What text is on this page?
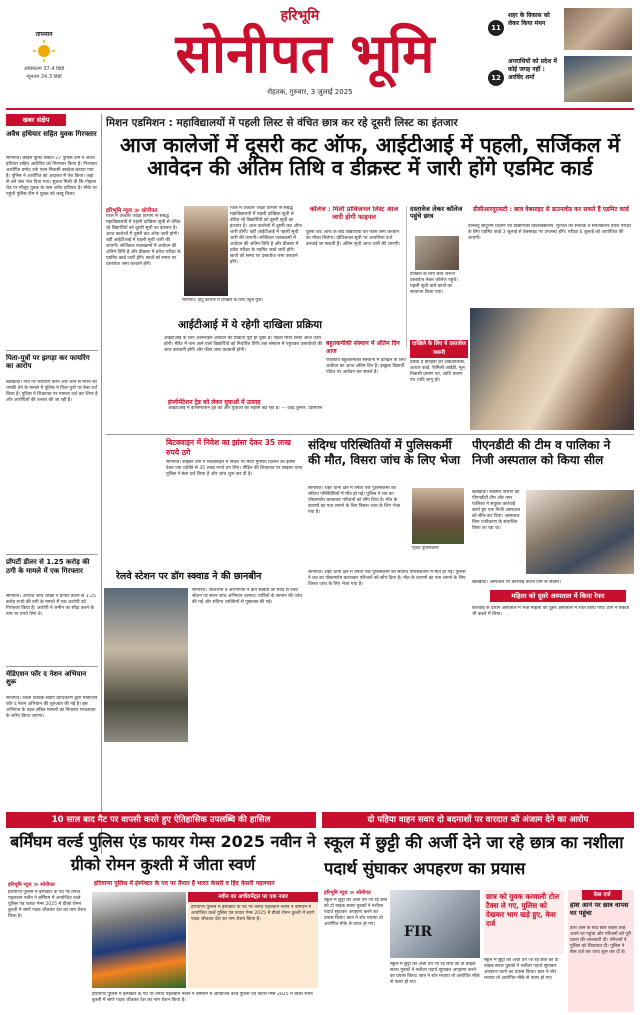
तापमान
अधिकतम 37.4 डिग्री
न्यूनतम 24.3 डिग्री
हरिभूमि
सोनीपत भूमि
रोहतक, गुरुवार, 3 जुलाई 2025
11
शहर के विकास को लेकर किया मंथन
12
अपराधियों को प्रदेश में कोई जगह नहीं : अरविंद शर्मा
खबर संक्षेप
अवैध हथियार सहित युवक गिरफ्तार
सोनीपत। क्राइम यूनिट सेक्टर-27 पुलिस टीम ने अवैध हथियार सहित आरोपित को गिरफ्तार किया है। गिरफ्तार आरोपित प्रमोद उर्फ पवन निवासी बसदेवा बताया गया है। पुलिस ने आरोपित को अदालत में पेश किया। जहां से उसे जेल भेज दिया गया। सुचना मिली थी कि गोहाना रोड पर मौजूद युवक के पास अवैध हथियार है। मौके पर पहुंची पुलिस टीम ने युवक को काबू किया।
पिता-पुत्रों पर झगड़ा कर फायरिंग का आरोप
खरखौदा। गांव पर फायरिंग करने और जान से मारने की धमकी देने के मामले में पुलिस ने पिता-पुत्रों पर केस दर्ज किया है। पुलिस ने शिकायत पर मामला दर्ज कर लिया है और आरोपितों की तलाश की जा रही है।
प्रॉपर्टी डीलर से 1.25 करोड़ की ठगी के मामले में एक गिरफ्तार
सोनीपत। अपराध जांच शाखा ने प्रॉपर्टी डीलर से 1.25 करोड़ रुपये की ठगी के मामले में एक आरोपी को गिरफ्तार किया है। आरोपी ने जमीन का सौदा करने के नाम पर रुपये लिए थे।
मेडिएशन फॉर द नेशन अभियान शुरू
सोनीपत। जिला विधिक सेवाएं प्राधिकरण द्वारा मेडिएशन फॉर द नेशन अभियान की शुरुआत की गई है। इस अभियान के तहत लंबित मामलों का निपटारा मध्यस्थता के जरिए किया जाएगा।
मिशन एडमिशन : महाविद्यालयों में पहली लिस्ट से वंचित छात्र कर रहे दूसरी लिस्ट का इंतजार
आज कालेजों में दूसरी कट ऑफ, आईटीआई में पहली, सर्जिकल में आवेदन की अंतिम तिथि व डीक्रस्ट में जारी होंगे एडमिट कार्ड
हरिभूमि न्यूज ≫ सोनीपत
जिले में उच्चतर शिक्षा विभाग से संबद्ध महाविद्यालयों में पहली दाखिला सूची से वंचित रहे विद्यार्थियों को दूसरी सूची का इंतजार है। आज कालेजों में दूसरी कट ऑफ जारी होगी। वहीं आईटीआई में पहली सूची जारी की जाएगी। सर्जिकल पाठ्यक्रमों में आवेदन की अंतिम तिथि है और डीक्रस्ट में प्रवेश परीक्षा के एडमिट कार्ड जारी होंगे। छात्रों को समय पर दस्तावेज जमा करवाने होंगे।
जिले में उच्चतर शिक्षा विभाग से संबद्ध महाविद्यालयों में पहली दाखिला सूची से वंचित रहे विद्यार्थियों को दूसरी सूची का इंतजार है। आज कालेजों में दूसरी कट ऑफ जारी होगी। वहीं आईटीआई में पहली सूची जारी की जाएगी। सर्जिकल पाठ्यक्रमों में आवेदन की अंतिम तिथि है और डीक्रस्ट में प्रवेश परीक्षा के एडमिट कार्ड जारी होंगे। छात्रों को समय पर दस्तावेज जमा करवाने होंगे।
सोनीपत। हिंदू कॉलेज में दाखिले के लिए पहुंचे युवा।
कॉलेज : मिली प्रोविजनल लिस्ट आज जारी होगी फाइनल
दूसरी कट ऑफ के बाद विद्यार्थियों को फीस जमा करवाने का मौका मिलेगा। प्रोविजनल सूची पर आपत्तियां दर्ज करवाई जा सकती हैं। अंतिम सूची आज जारी की जाएगी।
दस्तावेज लेकर कॉलेज पहुंचे छात्र
दाखिले के लिए छात्र जरूरी दस्तावेज लेकर कॉलेज पहुंचे। पहली सूची वाले छात्रों का सत्यापन किया गया।
डीसीआरयूएसटी : छात्र वेबसाइट से डाउनलोड कर सकते हैं एडमिट कार्ड
दीनबंधु छोटूराम विज्ञान एवं प्रौद्योगिकी विश्वविद्यालय, मुरथल की स्नातक व स्नातकोत्तर प्रवेश परीक्षा के लिए एडमिट कार्ड 3 जुलाई से वेबसाइट पर उपलब्ध होंगे। परीक्षा 6 जुलाई को आयोजित की जाएगी।
आईटीआई में ये रहेगी दाखिला प्रक्रिया
आईटीआई के लिए ऑनलाइन आवेदन की प्रक्रिया पूरी हो चुकी है। पहली मेरिट लिस्ट आज जारी होगी। मेरिट में नाम आने वाले विद्यार्थियों को निर्धारित तिथि तक संस्थान में पहुंचकर दस्तावेजों की जांच करवानी होगी और फीस जमा करवानी होगी।
इंप्लीमेंटेशन ट्रेड को लेकर युवाओं में उत्साह
आईटीआई में इंप्लीमेंटेशन ट्रेड की ओर युवाओं का रुझान बढ़ रहा है। — देवेंद्र कुमार, प्रिंसिपल
बहुतकनीकी संस्थान में अंतिम दिन आज
राजकीय बहुतकनीकी संस्थानों में दाखिले के लिए आवेदन का आज अंतिम दिन है। इच्छुक विद्यार्थी पोर्टल पर आवेदन कर सकते हैं।
दाखिले के लिए ये दस्तावेज जरूरी
दसवीं व बारहवीं की अंकतालिका, आधार कार्ड, फैमिली आईडी, मूल निवासी प्रमाण पत्र, जाति प्रमाण पत्र (यदि लागू हो)
बिटक्वाइन में निवेश का झांसा देकर 35 लाख रुपये ठगे
सोनीपत। साइबर ठगों ने बिटक्वाइन में निवेश पर मोटा मुनाफा दिलाने का झांसा देकर एक व्यक्ति से 35 लाख रुपये ठग लिए। पीड़ित की शिकायत पर साइबर थाना पुलिस ने केस दर्ज किया है और जांच शुरू कर दी है।
संदिग्ध परिस्थितियों में पुलिसकर्मी की मौत, विसरा जांच के लिए भेजा
सोनीपत। शहर थाना क्षेत्र में तैनात एक पुलिसकर्मी की संदिग्ध परिस्थितियों में मौत हो गई। पुलिस ने शव का पोस्टमार्टम करवाकर परिजनों को सौंप दिया है। मौत के कारणों का पता लगाने के लिए विसरा जांच के लिए भेजा गया है।
मृतक पुलिसकर्मी
सोनीपत। शहर थाना क्षेत्र में तैनात एक पुलिसकर्मी की संदिग्ध परिस्थितियों में मौत हो गई। पुलिस ने शव का पोस्टमार्टम करवाकर परिजनों को सौंप दिया है। मौत के कारणों का पता लगाने के लिए विसरा जांच के लिए भेजा गया है।
पीएनडीटी की टीम व पालिका ने निजी अस्पताल को किया सील
खरखौदा। स्वास्थ्य विभाग की पीएनडीटी टीम और नगर पालिका ने संयुक्त कार्रवाई करते हुए एक निजी अस्पताल को सील कर दिया। अस्पताल बिना पंजीकरण के संचालित किया जा रहा था।
खरखौदा। अस्पताल पर कार्रवाई करती टीम के सदस्य।
महिला को दूसरे अस्पताल में किया रेफर
कार्रवाई के दौरान अस्पताल में भर्ती महिला को दूसरे अस्पताल में रेफर किया गया। टीम ने रिकॉर्ड भी कब्जे में लिया।
रेलवे स्टेशन पर डॉग स्क्वाड ने की छानबीन
सोनीपत। जीआरपी व आरपीएफ ने डॉग स्क्वाड की मदद से रेलवे स्टेशन पर सघन जांच अभियान चलाया। यात्रियों के सामान की जांच की गई और संदिग्ध व्यक्तियों से पूछताछ की गई।
10 साल बाद मैट पर वापसी करते हुए ऐतिहासिक उपलब्धि की हासिल	दो पहिया वाहन सवार दो बदमाशों पर वारदात को अंजाम देने का आरोप
बर्मिंघम वर्ल्ड पुलिस एंड फायर गेम्स 2025 नवीन ने ग्रीको रोमन कुश्ती में जीता स्वर्ण
हरिभूमि न्यूज ≫ सोनीपत	हरियाणा पुलिस में इंस्पेक्टर के पद पर तैनात हैं भारत केसरी व हिंद केसरी पहलवान
हरियाणा पुलिस में इंस्पेक्टर के पद पर तैनात पहलवान नवीन ने बर्मिंघम में आयोजित वर्ल्ड पुलिस एंड फायर गेम्स 2025 में ग्रीको रोमन कुश्ती में स्वर्ण पदक जीतकर देश का नाम रोशन किया है।
नवीन का अचीवमेंट्स पर एक नजर
हरियाणा पुलिस में इंस्पेक्टर के पद पर तैनात पहलवान नवीन ने बर्मिंघम में आयोजित वर्ल्ड पुलिस एंड फायर गेम्स 2025 में ग्रीको रोमन कुश्ती में स्वर्ण पदक जीतकर देश का नाम रोशन किया है।
हरियाणा पुलिस में इंस्पेक्टर के पद पर तैनात पहलवान नवीन ने बर्मिंघम में आयोजित वर्ल्ड पुलिस एंड फायर गेम्स 2025 में ग्रीको रोमन कुश्ती में स्वर्ण पदक जीतकर देश का नाम रोशन किया है।
स्कूल में छुट्टी की अर्जी देने जा रहे छात्र का नशीला पदार्थ सुंघाकर अपहरण का प्रयास
हरिभूमि न्यूज ≫ सोनीपत
स्कूल में छुट्टी की अर्जी देने जा रहे छात्र को दो बाइक सवार युवकों ने नशीला पदार्थ सुंघाकर अपहरण करने का प्रयास किया। छात्र ने शोर मचाया तो आरोपित मौके से फरार हो गए।	FIR
स्कूल में छुट्टी की अर्जी देने जा रहे छात्र को दो बाइक सवार युवकों ने नशीला पदार्थ सुंघाकर अपहरण करने का प्रयास किया। छात्र ने शोर मचाया तो आरोपित मौके से फरार हो गए।
छात्र को युवक कव्वाली टोल टैक्स ले गए, पुलिस को देखकर भाग खड़े हुए, केस दर्ज
स्कूल में छुट्टी की अर्जी देने जा रहे छात्र को दो बाइक सवार युवकों ने नशीला पदार्थ सुंघाकर अपहरण करने का प्रयास किया। छात्र ने शोर मचाया तो आरोपित मौके से फरार हो गए।
केस दर्ज
होश आने पर छात्र वापस घर पहुंचा
होश आने के बाद छात्र किसी तरह अपने घर पहुंचा और परिजनों को पूरी घटना की जानकारी दी। परिजनों ने पुलिस को शिकायत दी। पुलिस ने केस दर्ज कर जांच शुरू कर दी है।
